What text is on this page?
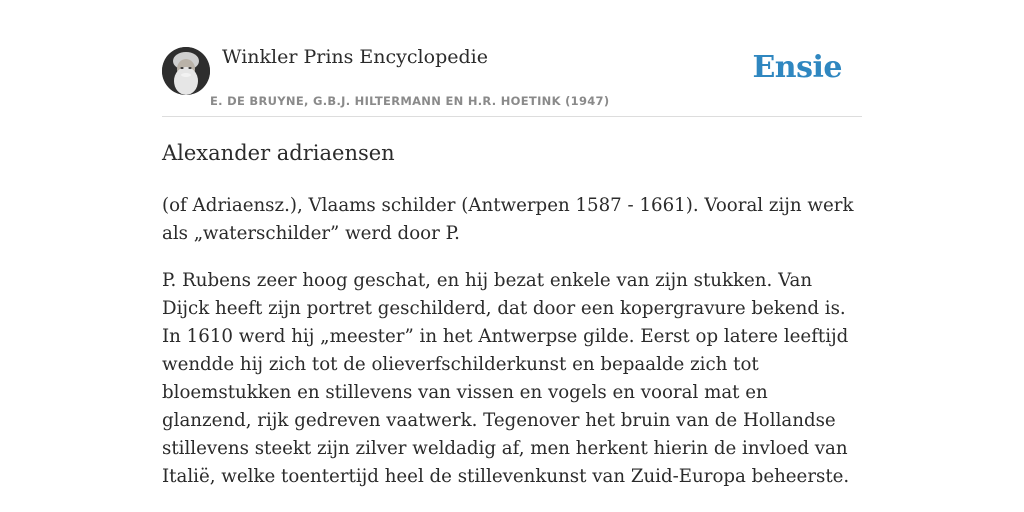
Winkler Prins Encyclopedie
E. DE BRUYNE, G.B.J. HILTERMANN EN H.R. HOETINK (1947)
Ensie
Alexander adriaensen

(of Adriaensz.), Vlaams schilder (Antwerpen 1587 - 1661). Vooral zijn werk als „waterschilder” werd door P.

P. Rubens zeer hoog geschat, en hij bezat enkele van zijn stukken. Van Dijck heeft zijn portret geschilderd, dat door een kopergravure bekend is. In 1610 werd hij „meester” in het Antwerpse gilde. Eerst op latere leeftijd wendde hij zich tot de olieverfschilderkunst en bepaalde zich tot bloemstukken en stillevens van vissen en vogels en vooral mat en glanzend, rijk gedreven vaatwerk. Tegenover het bruin van de Hollandse stillevens steekt zijn zilver weldadig af, men herkent hierin de invloed van Italië, welke toentertijd heel de stillevenkunst van Zuid-Europa beheerste.
